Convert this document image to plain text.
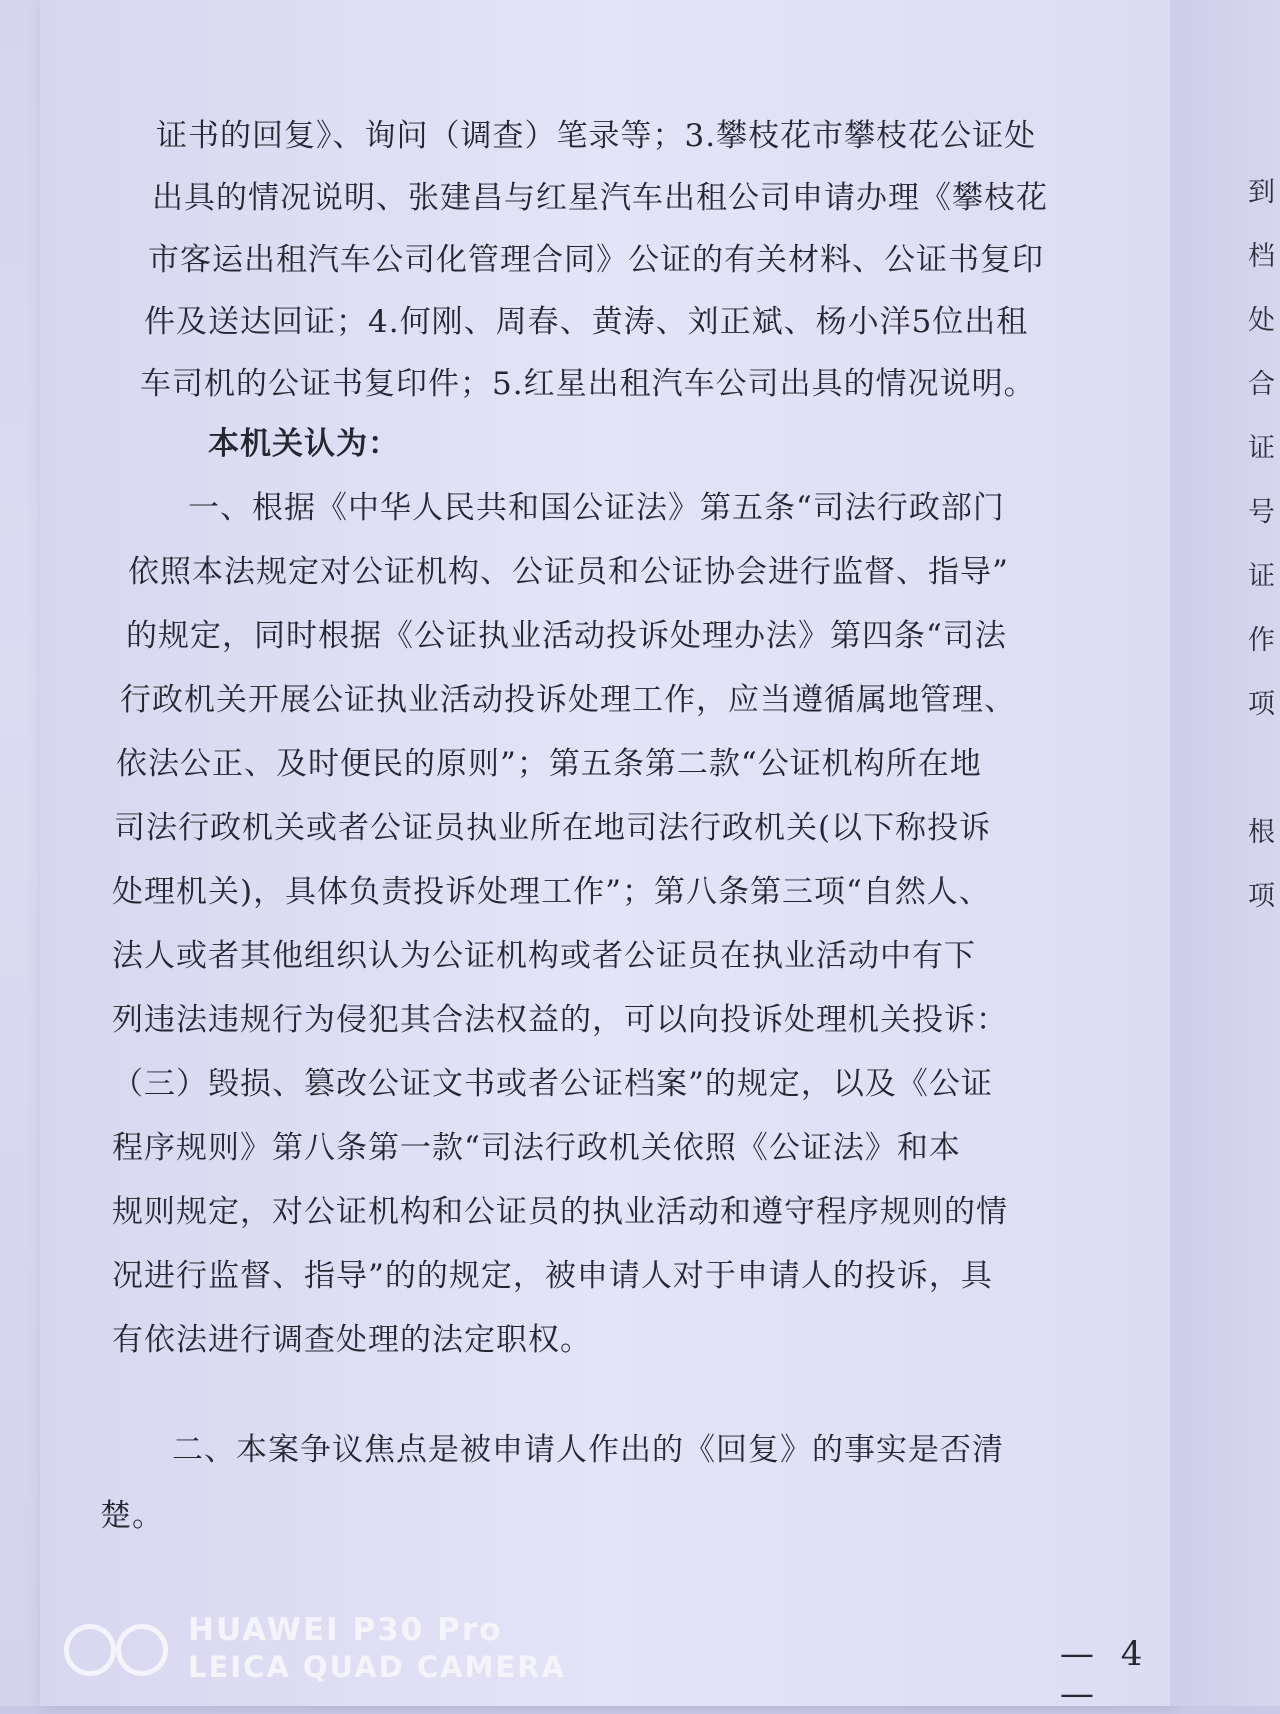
证书的回复》、询问（调查）笔录等；3.攀枝花市攀枝花公证处
出具的情况说明、张建昌与红星汽车出租公司申请办理《攀枝花
市客运出租汽车公司化管理合同》公证的有关材料、公证书复印
件及送达回证；4.何刚、周春、黄涛、刘正斌、杨小洋5位出租
车司机的公证书复印件；5.红星出租汽车公司出具的情况说明。
本机关认为：
一、根据《中华人民共和国公证法》第五条“司法行政部门
依照本法规定对公证机构、公证员和公证协会进行监督、指导”
的规定，同时根据《公证执业活动投诉处理办法》第四条“司法
行政机关开展公证执业活动投诉处理工作，应当遵循属地管理、
依法公正、及时便民的原则”；第五条第二款“公证机构所在地
司法行政机关或者公证员执业所在地司法行政机关(以下称投诉
处理机关)，具体负责投诉处理工作”；第八条第三项“自然人、
法人或者其他组织认为公证机构或者公证员在执业活动中有下
列违法违规行为侵犯其合法权益的，可以向投诉处理机关投诉：
（三）毁损、篡改公证文书或者公证档案”的规定，以及《公证
程序规则》第八条第一款“司法行政机关依照《公证法》和本
规则规定，对公证机构和公证员的执业活动和遵守程序规则的情
况进行监督、指导”的的规定，被申请人对于申请人的投诉，具
有依法进行调查处理的法定职权。
二、本案争议焦点是被申请人作出的《回复》的事实是否清
楚。
— 4 —
到
档
处
合
证
号
证
作
项
根
项
HUAWEI P30 Pro
LEICA QUAD CAMERA
